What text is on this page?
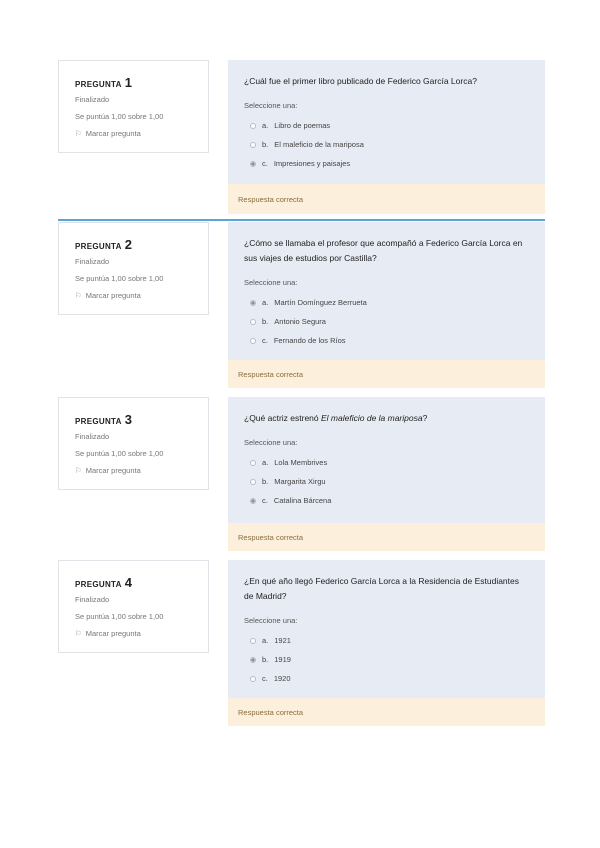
PREGUNTA 1
Finalizado
Se puntúa 1,00 sobre 1,00
⚐ Marcar pregunta
¿Cuál fue el primer libro publicado de Federico García Lorca?
Seleccione una:
a. Libro de poemas
b. El maleficio de la mariposa
c. Impresiones y paisajes
Respuesta correcta
PREGUNTA 2
Finalizado
Se puntúa 1,00 sobre 1,00
⚐ Marcar pregunta
¿Cómo se llamaba el profesor que acompañó a Federico García Lorca en sus viajes de estudios por Castilla?
Seleccione una:
a. Martín Domínguez Berrueta
b. Antonio Segura
c. Fernando de los Ríos
Respuesta correcta
PREGUNTA 3
Finalizado
Se puntúa 1,00 sobre 1,00
⚐ Marcar pregunta
¿Qué actriz estrenó El maleficio de la mariposa?
Seleccione una:
a. Lola Membrives
b. Margarita Xirgu
c. Catalina Bárcena
Respuesta correcta
PREGUNTA 4
Finalizado
Se puntúa 1,00 sobre 1,00
⚐ Marcar pregunta
¿En qué año llegó Federico García Lorca a la Residencia de Estudiantes de Madrid?
Seleccione una:
a. 1921
b. 1919
c. 1920
Respuesta correcta
